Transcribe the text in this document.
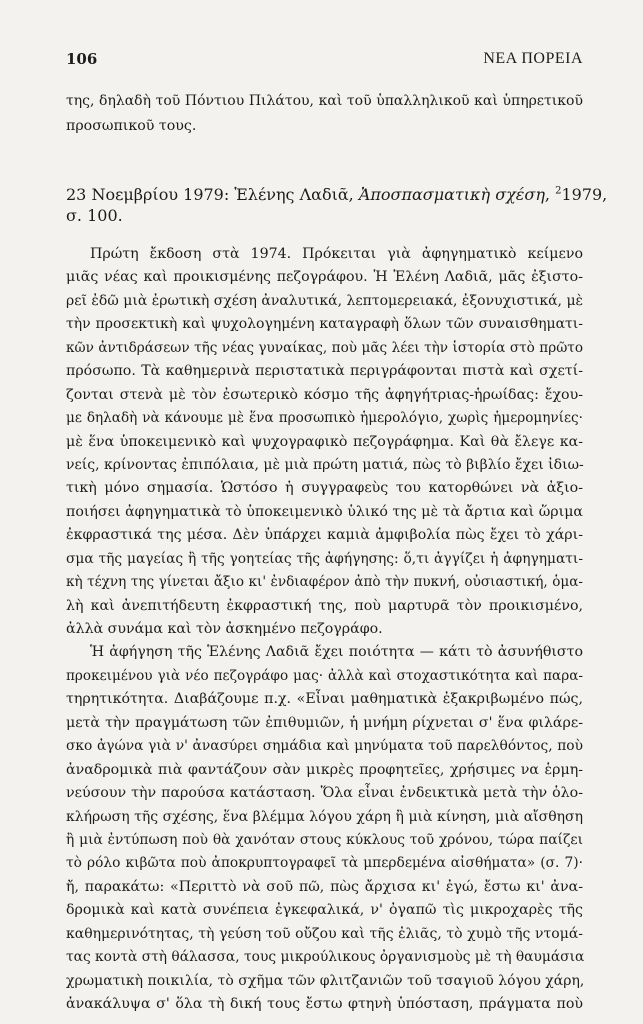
106	ΝΕΑ ΠΟΡΕΙΑ
της, δηλαδὴ τοῦ Πόντιου Πιλάτου, καὶ τοῦ ὑπαλληλικοῦ καὶ ὑπηρετικοῦ
προσωπικοῦ τους.
23 Νοεμβρίου 1979: Ἑλένης Λαδιᾶ, Ἀποσπασματικὴ σχέση, $^2$1979,
σ. 100.
Πρώτη ἔκδοση στὰ 1974. Πρόκειται γιὰ ἀφηγηματικὸ κείμενο
μιᾶς νέας καὶ προικισμένης πεζογράφου. Ἡ Ἑλένη Λαδιᾶ, μᾶς ἐξιστο-
ρεῖ ἐδῶ μιὰ ἐρωτικὴ σχέση ἀναλυτικά, λεπτομερειακά, ἐξονυχιστικά, μὲ
τὴν προσεκτικὴ καὶ ψυχολογημένη καταγραφὴ ὅλων τῶν συναισθηματι-
κῶν ἀντιδράσεων τῆς νέας γυναίκας, ποὺ μᾶς λέει τὴν ἱστορία στὸ πρῶτο
πρόσωπο. Τὰ καθημερινὰ περιστατικὰ περιγράφονται πιστὰ καὶ σχετί-
ζονται στενὰ μὲ τὸν ἐσωτερικὸ κόσμο τῆς ἀφηγήτριας-ἡρωίδας: ἔχου-
με δηλαδὴ νὰ κάνουμε μὲ ἕνα προσωπικὸ ἡμερολόγιο, χωρὶς ἡμερομηνίες·
μὲ ἕνα ὑποκειμενικὸ καὶ ψυχογραφικὸ πεζογράφημα. Καὶ θὰ ἔλεγε κα-
νείς, κρίνοντας ἐπιπόλαια, μὲ μιὰ πρώτη ματιά, πὼς τὸ βιβλίο ἔχει ἰδιω-
τικὴ μόνο σημασία. Ὡστόσο ἡ συγγραφεὺς του κατορθώνει νὰ ἀξιο-
ποιήσει ἀφηγηματικὰ τὸ ὑποκειμενικὸ ὑλικό της μὲ τὰ ἄρτια καὶ ὥριμα
ἐκφραστικά της μέσα. Δὲν ὑπάρχει καμιὰ ἀμφιβολία πὼς ἔχει τὸ χάρι-
σμα τῆς μαγείας ἢ τῆς γοητείας τῆς ἀφήγησης: ὅ,τι ἀγγίζει ἡ ἀφηγηματι-
κὴ τέχνη της γίνεται ἄξιο κι' ἐνδιαφέρον ἀπὸ τὴν πυκνή, οὐσιαστική, ὁμα-
λὴ καὶ ἀνεπιτήδευτη ἐκφραστική της, ποὺ μαρτυρᾶ τὸν προικισμένο,
ἀλλὰ συνάμα καὶ τὸν ἀσκημένο πεζογράφο.
Ἡ ἀφήγηση τῆς Ἑλένης Λαδιᾶ ἔχει ποιότητα — κάτι τὸ ἀσυνήθιστο
προκειμένου γιὰ νέο πεζογράφο μας· ἀλλὰ καὶ στοχαστικότητα καὶ παρα-
τηρητικότητα. Διαβάζουμε π.χ. «Εἶναι μαθηματικὰ ἐξακριβωμένο πώς,
μετὰ τὴν πραγμάτωση τῶν ἐπιθυμιῶν, ἡ μνήμη ρίχνεται σ' ἕνα φιλάρε-
σκο ἀγώνα γιὰ ν' ἀνασύρει σημάδια καὶ μηνύματα τοῦ παρελθόντος, ποὺ
ἀναδρομικὰ πιὰ φαντάζουν σὰν μικρὲς προφητεῖες, χρήσιμες να ἑρμη-
νεύσουν τὴν παρούσα κατάσταση. Ὅλα εἶναι ἐνδεικτικὰ μετὰ τὴν ὁλο-
κλήρωση τῆς σχέσης, ἕνα βλέμμα λόγου χάρη ἢ μιὰ κίνηση, μιὰ αἴσθηση
ἢ μιὰ ἐντύπωση ποὺ θὰ χανόταν στους κύκλους τοῦ χρόνου, τώρα παίζει
τὸ ρόλο κιβῶτα ποὺ ἀποκρυπτογραφεῖ τὰ μπερδεμένα αἰσθήματα» (σ. 7)·
ἤ, παρακάτω: «Περιττὸ νὰ σοῦ πῶ, πὼς ἄρχισα κι' ἐγώ, ἔστω κι' ἀνα-
δρομικὰ καὶ κατὰ συνέπεια ἐγκεφαλικά, ν' ὀγαπῶ τὶς μικροχαρὲς τῆς
καθημερινότητας, τὴ γεύση τοῦ οὔζου καὶ τῆς ἐλιᾶς, τὸ χυμὸ τῆς ντομά-
τας κοντὰ στὴ θάλασσα, τους μικρούλικους ὀργανισμοὺς μὲ τὴ θαυμάσια
χρωματικὴ ποικιλία, τὸ σχῆμα τῶν φλιτζανιῶν τοῦ τσαγιοῦ λόγου χάρη,
ἀνακάλυψα σ' ὅλα τὴ δική τους ἔστω φτηνὴ ὑπόσταση, πράγματα ποὺ
